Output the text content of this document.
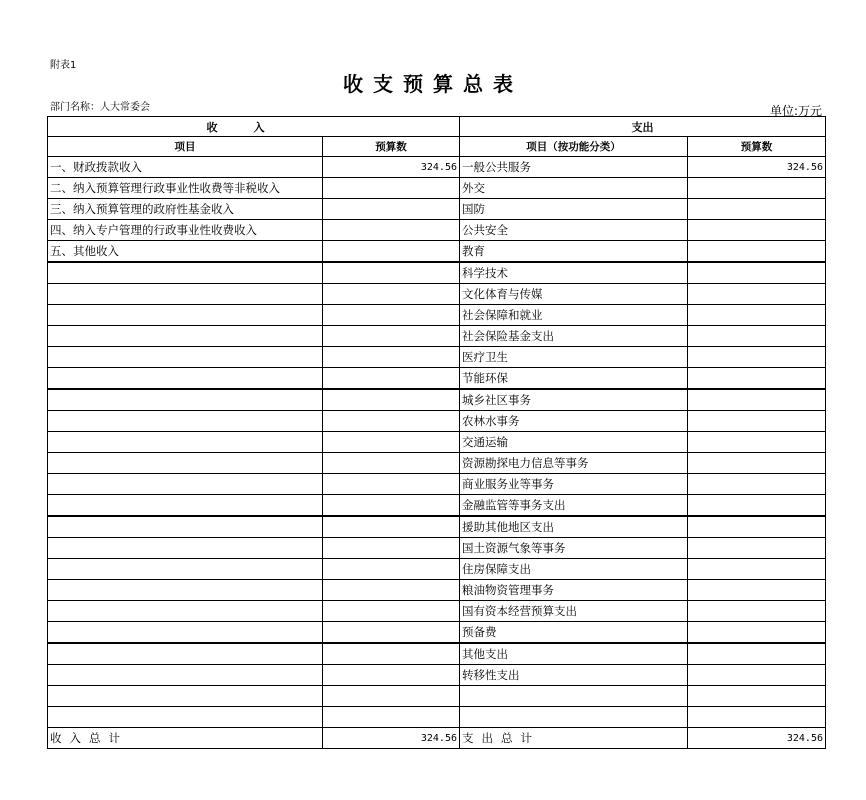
附表1
收支预算总表
部门名称：人大常委会	单位:万元
收入		支出	
项目	预算数	项目（按功能分类）	预算数
一、财政拨款收入	324.56	一般公共服务	324.56
二、纳入预算管理行政事业性收费等非税收入		外交	
三、纳入预算管理的政府性基金收入		国防	
四、纳入专户管理的行政事业性收费收入		公共安全	
五、其他收入		教育	
		科学技术	
		文化体育与传媒	
		社会保障和就业	
		社会保险基金支出	
		医疗卫生	
		节能环保	
		城乡社区事务	
		农林水事务	
		交通运输	
		资源勘探电力信息等事务	
		商业服务业等事务	
		金融监管等事务支出	
		援助其他地区支出	
		国土资源气象等事务	
		住房保障支出	
		粮油物资管理事务	
		国有资本经营预算支出	
		预备费	
		其他支出	
		转移性支出	

收入总计	324.56	支出总计	324.56
